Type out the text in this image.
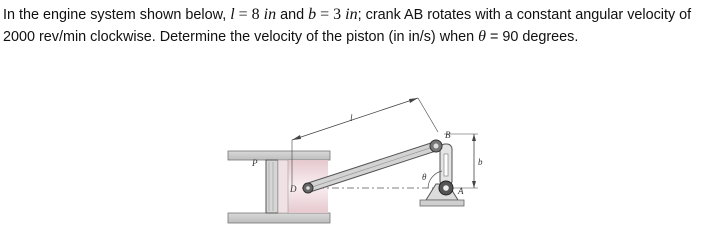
In the engine system shown below, l = 8 in and b = 3 in; crank AB rotates with a constant angular velocity of 2000 rev/min clockwise. Determine the velocity of the piston (in in/s) when θ = 90 degrees.

P
D
l
B
b
θ
A
